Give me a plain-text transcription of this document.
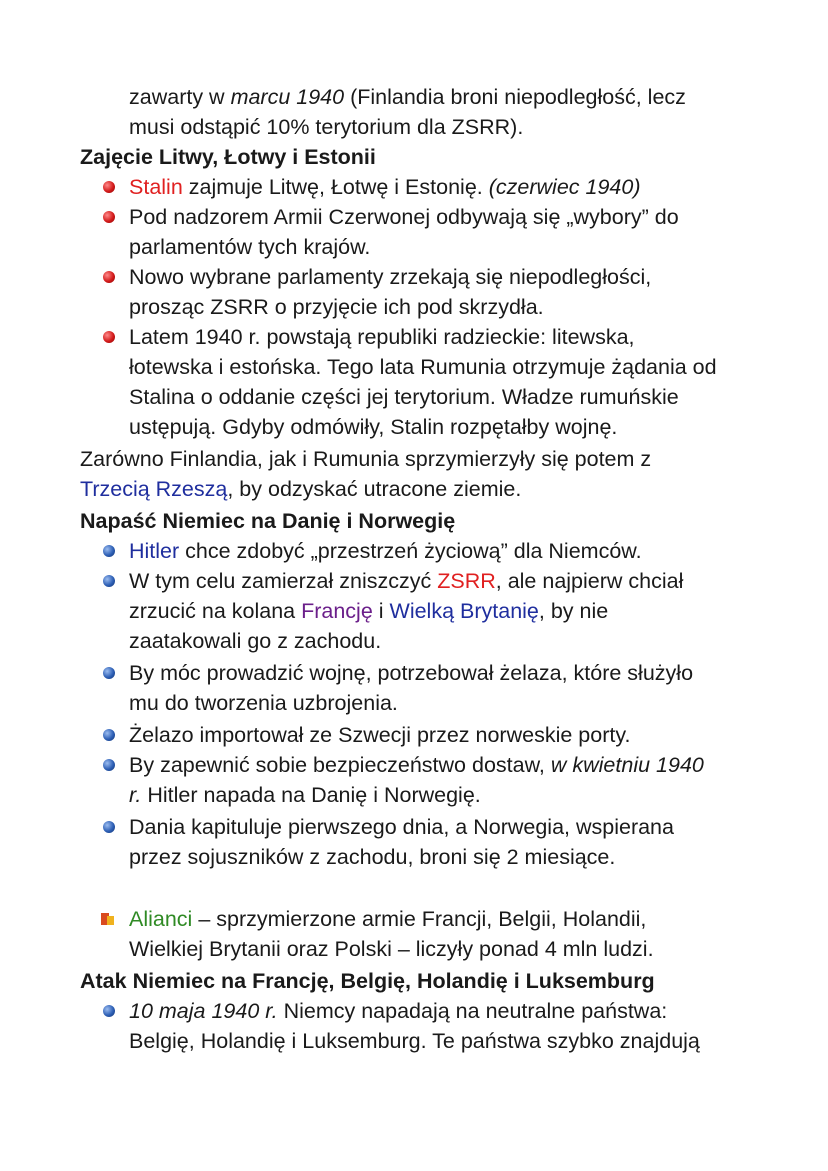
zawarty w marcu 1940 (Finlandia broni niepodległość, lecz
musi odstąpić 10% terytorium dla ZSRR).
Zajęcie Litwy, Łotwy i Estonii
Stalin zajmuje Litwę, Łotwę i Estonię. (czerwiec 1940)
Pod nadzorem Armii Czerwonej odbywają się „wybory” do
parlamentów tych krajów.
Nowo wybrane parlamenty zrzekają się niepodległości,
prosząc ZSRR o przyjęcie ich pod skrzydła.
Latem 1940 r. powstają republiki radzieckie: litewska,
łotewska i estońska. Tego lata Rumunia otrzymuje żądania od
Stalina o oddanie części jej terytorium. Władze rumuńskie
ustępują. Gdyby odmówiły, Stalin rozpętałby wojnę.
Zarówno Finlandia, jak i Rumunia sprzymierzyły się potem z
Trzecią Rzeszą, by odzyskać utracone ziemie.
Napaść Niemiec na Danię i Norwegię
Hitler chce zdobyć „przestrzeń życiową” dla Niemców.
W tym celu zamierzał zniszczyć ZSRR, ale najpierw chciał
zrzucić na kolana Francję i Wielką Brytanię, by nie
zaatakowali go z zachodu.
By móc prowadzić wojnę, potrzebował żelaza, które służyło
mu do tworzenia uzbrojenia.
Żelazo importował ze Szwecji przez norweskie porty.
By zapewnić sobie bezpieczeństwo dostaw, w kwietniu 1940
r. Hitler napada na Danię i Norwegię.
Dania kapituluje pierwszego dnia, a Norwegia, wspierana
przez sojuszników z zachodu, broni się 2 miesiące.
Alianci – sprzymierzone armie Francji, Belgii, Holandii,
Wielkiej Brytanii oraz Polski – liczyły ponad 4 mln ludzi.
Atak Niemiec na Francję, Belgię, Holandię i Luksemburg
10 maja 1940 r. Niemcy napadają na neutralne państwa:
Belgię, Holandię i Luksemburg. Te państwa szybko znajdują
